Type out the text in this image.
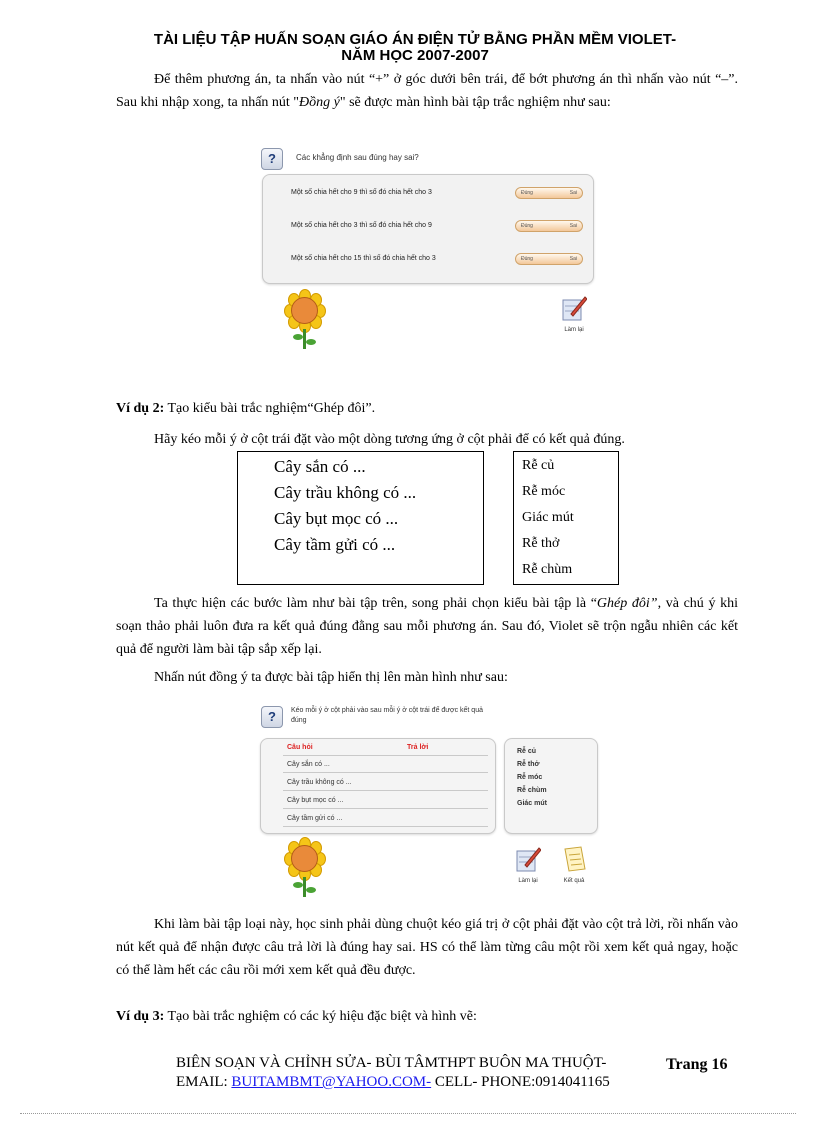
TÀI LIỆU TẬP HUẤN SOẠN GIÁO ÁN ĐIỆN TỬ BẰNG PHẦN MỀM VIOLET-
NĂM HỌC 2007-2007
Để thêm phương án, ta nhấn vào nút “+” ở góc dưới bên trái, để bớt phương án thì nhấn vào nút “–”. Sau khi nhập xong, ta nhấn nút "Đồng ý" sẽ được màn hình bài tập trắc nghiệm như sau:
?	Các khẳng định sau đúng hay sai?
Một số chia hết cho 9 thì số đó chia hết cho 3	Đúng	Sai
Một số chia hết cho 3 thì số đó chia hết cho 9	Đúng	Sai
Một số chia hết cho 15 thì số đó chia hết cho 3	Đúng	Sai
Làm lại
Ví dụ 2: Tạo kiểu bài trắc nghiệm“Ghép đôi”.
Hãy kéo mỗi ý ở cột trái đặt vào một dòng tương ứng ở cột phải để có kết quả đúng.
Cây sắn có ...
Cây trầu không có ...
Cây bụt mọc có ...
Cây tầm gửi có ...
Rễ củ
Rễ móc
Giác mút
Rễ thở
Rễ chùm
Ta thực hiện các bước làm như bài tập trên, song phải chọn kiểu bài tập là “Ghép đôi”, và chú ý khi soạn thảo phải luôn đưa ra kết quả đúng đằng sau mỗi phương án. Sau đó, Violet sẽ trộn ngẫu nhiên các kết quả để người làm bài tập sắp xếp lại.
Nhấn nút đồng ý ta được bài tập hiển thị lên màn hình như sau:
?	Kéo mỗi ý ở cột phải vào sau mỗi ý ở cột trái để được kết quả
đúng
Câu hỏi	Trả lời
Cây sắn có ...
Cây trầu không có ...
Cây bụt mọc có ...
Cây tầm gửi có ...
Rễ củ
Rễ thở
Rễ móc
Rễ chùm
Giác mút
Làm lại	Kết quả
Khi làm bài tập loại này, học sinh phải dùng chuột kéo giá trị ở cột phải đặt vào cột trả lời, rồi nhấn vào nút kết quả để nhận được câu trả lời là đúng hay sai. HS có thể làm từng câu một rồi xem kết quả ngay, hoặc có thể làm hết các câu rồi mới xem kết quả đều được.
Ví dụ 3: Tạo bài trắc nghiệm có các ký hiệu đặc biệt và hình vẽ:
BIÊN SOẠN VÀ CHỈNH SỬA- BÙI TÂMTHPT BUÔN MA THUỘT-
EMAIL: BUITAMBMT@YAHOO.COM- CELL- PHONE:0914041165
Trang 16
